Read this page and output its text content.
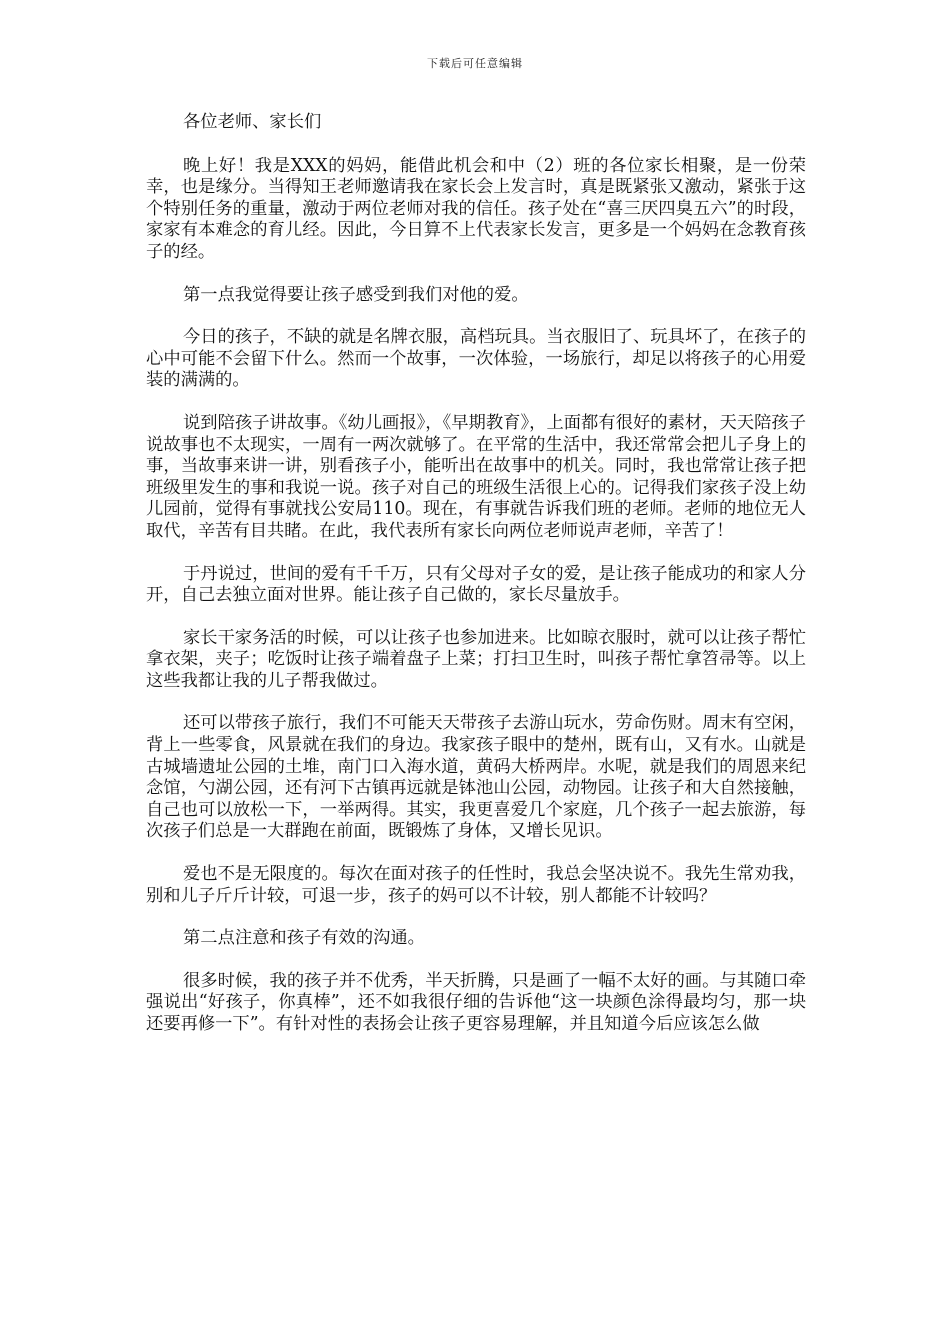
下载后可任意编辑

各位老师、家长们

晚上好！我是XXX的妈妈，能借此机会和中（2）班的各位家长相聚，是一份荣幸，也是缘分。当得知王老师邀请我在家长会上发言时，真是既紧张又激动，紧张于这个特别任务的重量，激动于两位老师对我的信任。孩子处在“喜三厌四臭五六”的时段，家家有本难念的育儿经。因此，今日算不上代表家长发言，更多是一个妈妈在念教育孩子的经。

第一点我觉得要让孩子感受到我们对他的爱。

今日的孩子，不缺的就是名牌衣服，高档玩具。当衣服旧了、玩具坏了，在孩子的心中可能不会留下什么。然而一个故事，一次体验，一场旅行，却足以将孩子的心用爱装的满满的。

说到陪孩子讲故事。《幼儿画报》，《早期教育》，上面都有很好的素材，天天陪孩子说故事也不太现实，一周有一两次就够了。在平常的生活中，我还常常会把儿子身上的事，当故事来讲一讲，别看孩子小，能听出在故事中的机关。同时，我也常常让孩子把班级里发生的事和我说一说。孩子对自己的班级生活很上心的。记得我们家孩子没上幼儿园前，觉得有事就找公安局110。现在，有事就告诉我们班的老师。老师的地位无人取代，辛苦有目共睹。在此，我代表所有家长向两位老师说声老师，辛苦了！

于丹说过，世间的爱有千千万，只有父母对子女的爱，是让孩子能成功的和家人分开，自己去独立面对世界。能让孩子自己做的，家长尽量放手。

家长干家务活的时候，可以让孩子也参加进来。比如晾衣服时，就可以让孩子帮忙拿衣架，夹子；吃饭时让孩子端着盘子上菜；打扫卫生时，叫孩子帮忙拿笤帚等。以上这些我都让我的儿子帮我做过。

还可以带孩子旅行，我们不可能天天带孩子去游山玩水，劳命伤财。周末有空闲，背上一些零食，风景就在我们的身边。我家孩子眼中的楚州，既有山，又有水。山就是古城墙遗址公园的土堆，南门口入海水道，黄码大桥两岸。水呢，就是我们的周恩来纪念馆，勺湖公园，还有河下古镇再远就是钵池山公园，动物园。让孩子和大自然接触，自己也可以放松一下，一举两得。其实，我更喜爱几个家庭，几个孩子一起去旅游，每次孩子们总是一大群跑在前面，既锻炼了身体，又增长见识。

爱也不是无限度的。每次在面对孩子的任性时，我总会坚决说不。我先生常劝我，别和儿子斤斤计较，可退一步，孩子的妈可以不计较，别人都能不计较吗？

第二点注意和孩子有效的沟通。

很多时候，我的孩子并不优秀，半天折腾，只是画了一幅不太好的画。与其随口牵强说出“好孩子，你真棒”，还不如我很仔细的告诉他“这一块颜色涂得最均匀，那一块还要再修一下”。有针对性的表扬会让孩子更容易理解，并且知道今后应该怎么做
